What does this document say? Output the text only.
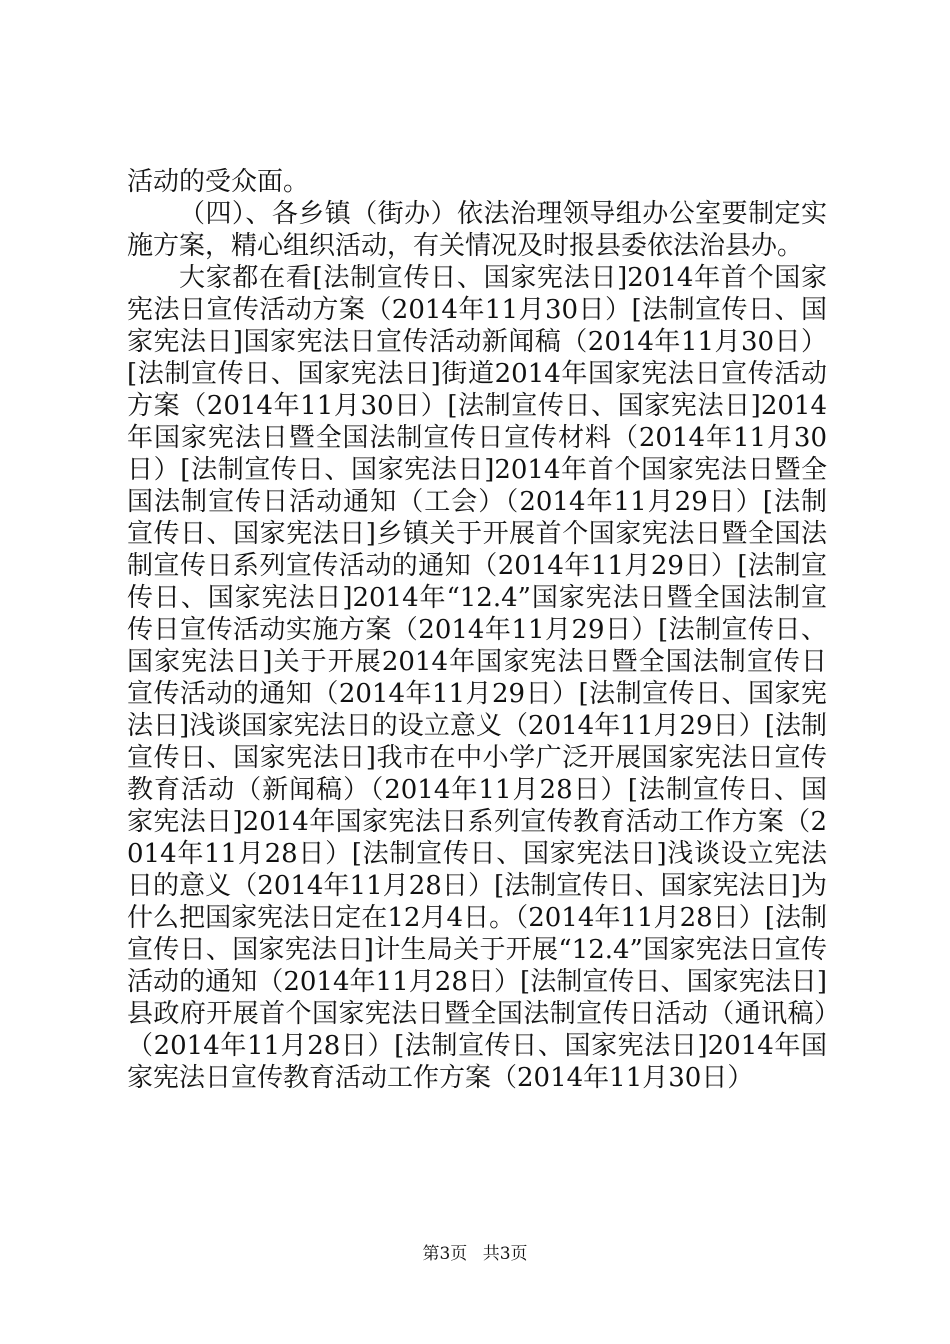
活动的受众面。

（四）、各乡镇（街办）依法治理领导组办公室要制定实施方案，精心组织活动，有关情况及时报县委依法治县办。

大家都在看[法制宣传日、国家宪法日]2014年首个国家宪法日宣传活动方案（2014年11月30日）[法制宣传日、国家宪法日]国家宪法日宣传活动新闻稿（2014年11月30日）[法制宣传日、国家宪法日]街道2014年国家宪法日宣传活动方案（2014年11月30日）[法制宣传日、国家宪法日]2014年国家宪法日暨全国法制宣传日宣传材料（2014年11月30日）[法制宣传日、国家宪法日]2014年首个国家宪法日暨全国法制宣传日活动通知（工会）（2014年11月29日）[法制宣传日、国家宪法日]乡镇关于开展首个国家宪法日暨全国法制宣传日系列宣传活动的通知（2014年11月29日）[法制宣传日、国家宪法日]2014年“12.4”国家宪法日暨全国法制宣传日宣传活动实施方案（2014年11月29日）[法制宣传日、国家宪法日]关于开展2014年国家宪法日暨全国法制宣传日宣传活动的通知（2014年11月29日）[法制宣传日、国家宪法日]浅谈国家宪法日的设立意义（2014年11月29日）[法制宣传日、国家宪法日]我市在中小学广泛开展国家宪法日宣传教育活动（新闻稿）（2014年11月28日）[法制宣传日、国家宪法日]2014年国家宪法日系列宣传教育活动工作方案（2014年11月28日）[法制宣传日、国家宪法日]浅谈设立宪法日的意义（2014年11月28日）[法制宣传日、国家宪法日]为什么把国家宪法日定在12月4日。（2014年11月28日）[法制宣传日、国家宪法日]计生局关于开展“12.4”国家宪法日宣传活动的通知（2014年11月28日）[法制宣传日、国家宪法日]县政府开展首个国家宪法日暨全国法制宣传日活动（通讯稿）（2014年11月28日）[法制宣传日、国家宪法日]2014年国家宪法日宣传教育活动工作方案（2014年11月30日）

第3页 共3页
